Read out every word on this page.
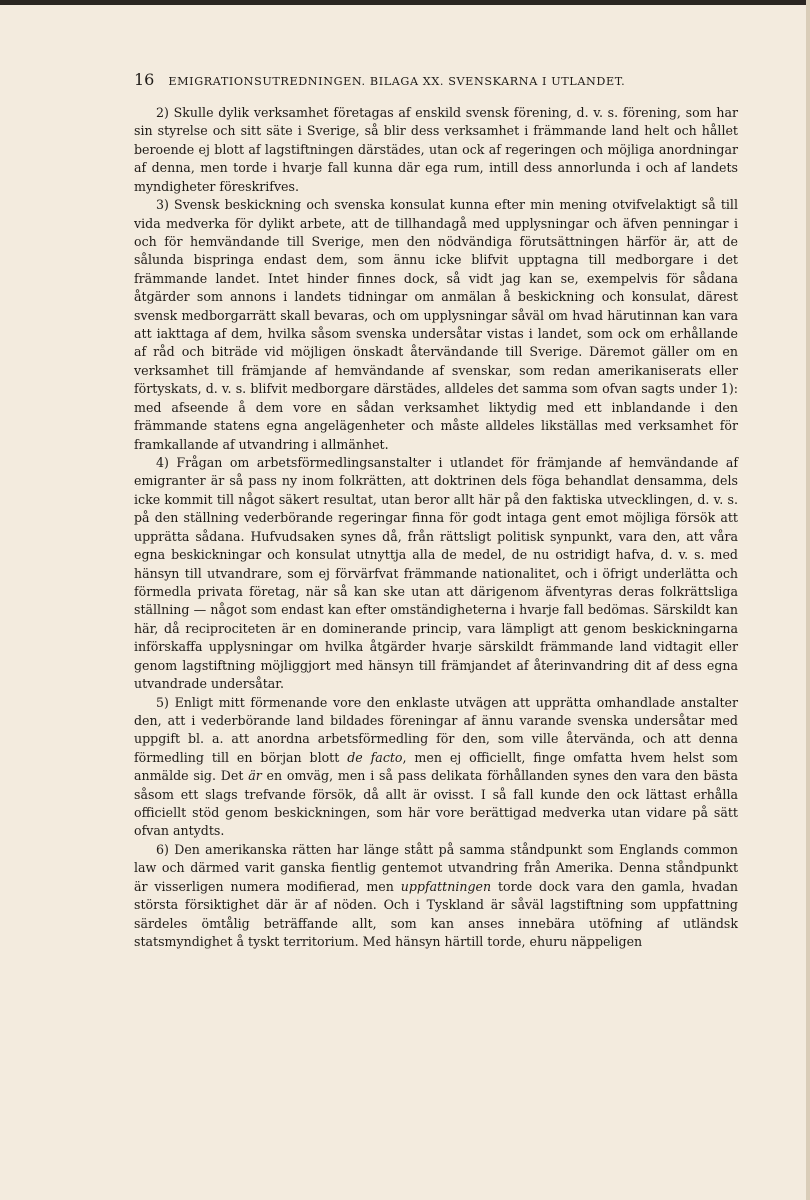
16 EMIGRATIONSUTREDNINGEN. BILAGA XX. SVENSKARNA I UTLANDET.

2) Skulle dylik verksamhet företagas af enskild svensk förening, d. v. s. förening, som har sin styrelse och sitt säte i Sverige, så blir dess verksamhet i främmande land helt och hållet beroende ej blott af lagstiftningen därstädes, utan ock af regeringen och möjliga anordningar af denna, men torde i hvarje fall kunna där ega rum, intill dess annorlunda i och af landets myndigheter föreskrifves.

3) Svensk beskickning och svenska konsulat kunna efter min mening otvifvelaktigt så till vida medverka för dylikt arbete, att de tillhandagå med upplysningar och äfven penningar i och för hemvändande till Sverige, men den nödvändiga förutsättningen härför är, att de sålunda bispringa endast dem, som ännu icke blifvit upptagna till medborgare i det främmande landet. Intet hinder finnes dock, så vidt jag kan se, exempelvis för sådana åtgärder som annons i landets tidningar om anmälan å beskickning och konsulat, därest svensk medborgarrätt skall bevaras, och om upplysningar såväl om hvad härutinnan kan vara att iakttaga af dem, hvilka såsom svenska undersåtar vistas i landet, som ock om erhållande af råd och biträde vid möjligen önskadt återvändande till Sverige. Däremot gäller om en verksamhet till främjande af hemvändande af svenskar, som redan amerikaniserats eller förtyskats, d. v. s. blifvit medborgare därstädes, alldeles det samma som ofvan sagts under 1): med afseende å dem vore en sådan verksamhet liktydig med ett inblandande i den främmande statens egna angelägenheter och måste alldeles likställas med verksamhet för framkallande af utvandring i allmänhet.

4) Frågan om arbetsförmedlingsanstalter i utlandet för främjande af hemvändande af emigranter är så pass ny inom folkrätten, att doktrinen dels föga behandlat densamma, dels icke kommit till något säkert resultat, utan beror allt här på den faktiska utvecklingen, d. v. s. på den ställning vederbörande regeringar finna för godt intaga gent emot möjliga försök att upprätta sådana. Hufvudsaken synes då, från rättsligt politisk synpunkt, vara den, att våra egna beskickningar och konsulat utnyttja alla de medel, de nu ostridigt hafva, d. v. s. med hänsyn till utvandrare, som ej förvärfvat främmande nationalitet, och i öfrigt underlätta och förmedla privata företag, när så kan ske utan att därigenom äfventyras deras folkrättsliga ställning — något som endast kan efter omständigheterna i hvarje fall bedömas. Särskildt kan här, då reciprociteten är en dominerande princip, vara lämpligt att genom beskickningarna införskaffa upplysningar om hvilka åtgärder hvarje särskildt främmande land vidtagit eller genom lagstiftning möjliggjort med hänsyn till främjandet af återinvandring dit af dess egna utvandrade undersåtar.

5) Enligt mitt förmenande vore den enklaste utvägen att upprätta omhandlade anstalter den, att i vederbörande land bildades föreningar af ännu varande svenska undersåtar med uppgift bl. a. att anordna arbetsförmedling för den, som ville återvända, och att denna förmedling till en början blott de facto, men ej officiellt, finge omfatta hvem helst som anmälde sig. Det är en omväg, men i så pass delikata förhållanden synes den vara den bästa såsom ett slags trefvande försök, då allt är ovisst. I så fall kunde den ock lättast erhålla officiellt stöd genom beskickningen, som här vore berättigad medverka utan vidare på sätt ofvan antydts.

6) Den amerikanska rätten har länge stått på samma ståndpunkt som Englands common law och därmed varit ganska fientlig gentemot utvandring från Amerika. Denna ståndpunkt är visserligen numera modifierad, men uppfattningen torde dock vara den gamla, hvadan största försiktighet där är af nöden. Och i Tyskland är såväl lagstiftning som uppfattning särdeles ömtålig beträffande allt, som kan anses innebära utöfning af utländsk statsmyndighet å tyskt territorium. Med hänsyn härtill torde, ehuru näppeligen
